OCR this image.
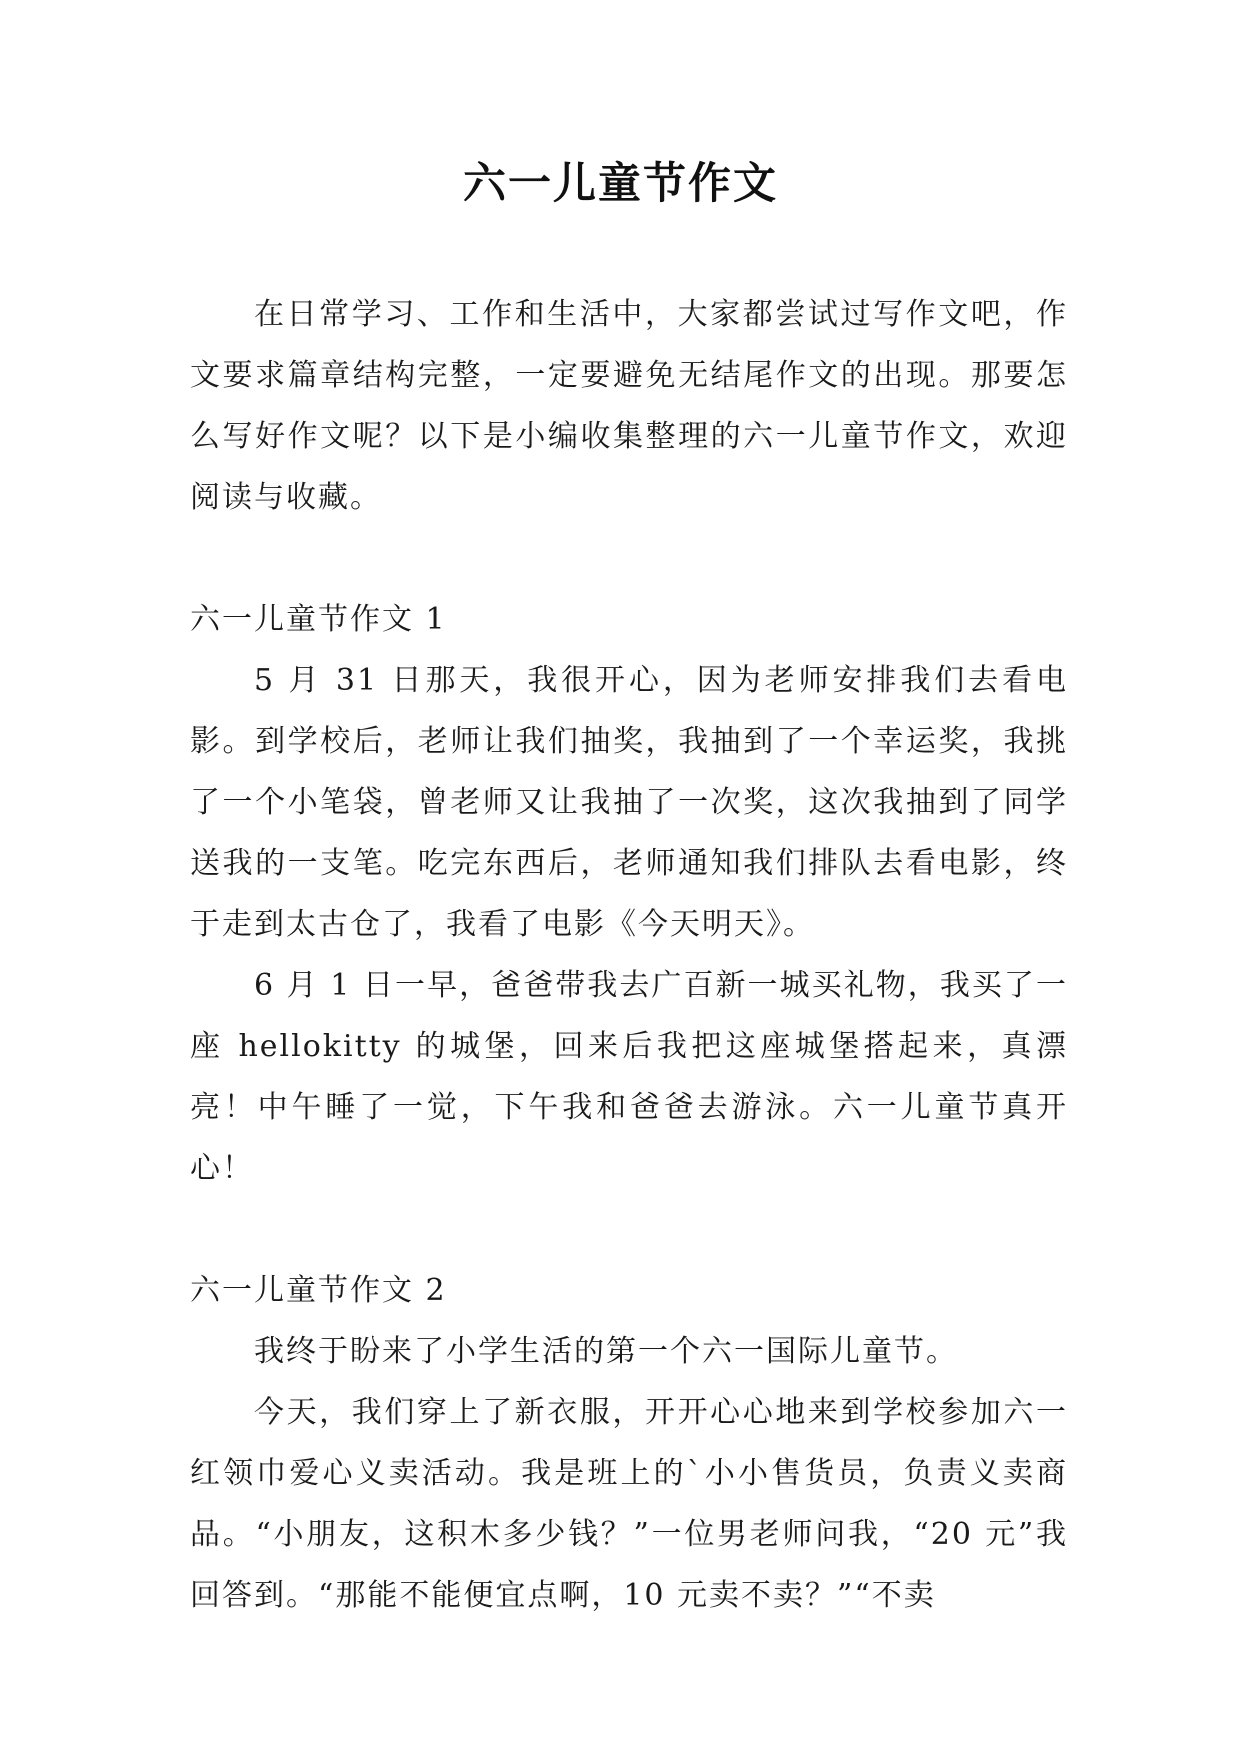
六一儿童节作文

在日常学习、工作和生活中，大家都尝试过写作文吧，作文要求篇章结构完整，一定要避免无结尾作文的出现。那要怎么写好作文呢？以下是小编收集整理的六一儿童节作文，欢迎阅读与收藏。

六一儿童节作文 1

5 月 31 日那天，我很开心，因为老师安排我们去看电影。到学校后，老师让我们抽奖，我抽到了一个幸运奖，我挑了一个小笔袋，曾老师又让我抽了一次奖，这次我抽到了同学送我的一支笔。吃完东西后，老师通知我们排队去看电影，终于走到太古仓了，我看了电影《今天明天》。

6 月 1 日一早，爸爸带我去广百新一城买礼物，我买了一座 hellokitty 的城堡，回来后我把这座城堡搭起来，真漂亮！中午睡了一觉，下午我和爸爸去游泳。六一儿童节真开心！

六一儿童节作文 2

我终于盼来了小学生活的第一个六一国际儿童节。

今天，我们穿上了新衣服，开开心心地来到学校参加六一红领巾爱心义卖活动。我是班上的`小小售货员，负责义卖商品。“小朋友，这积木多少钱？”一位男老师问我，“20 元”我回答到。“那能不能便宜点啊，10 元卖不卖？”“不卖
